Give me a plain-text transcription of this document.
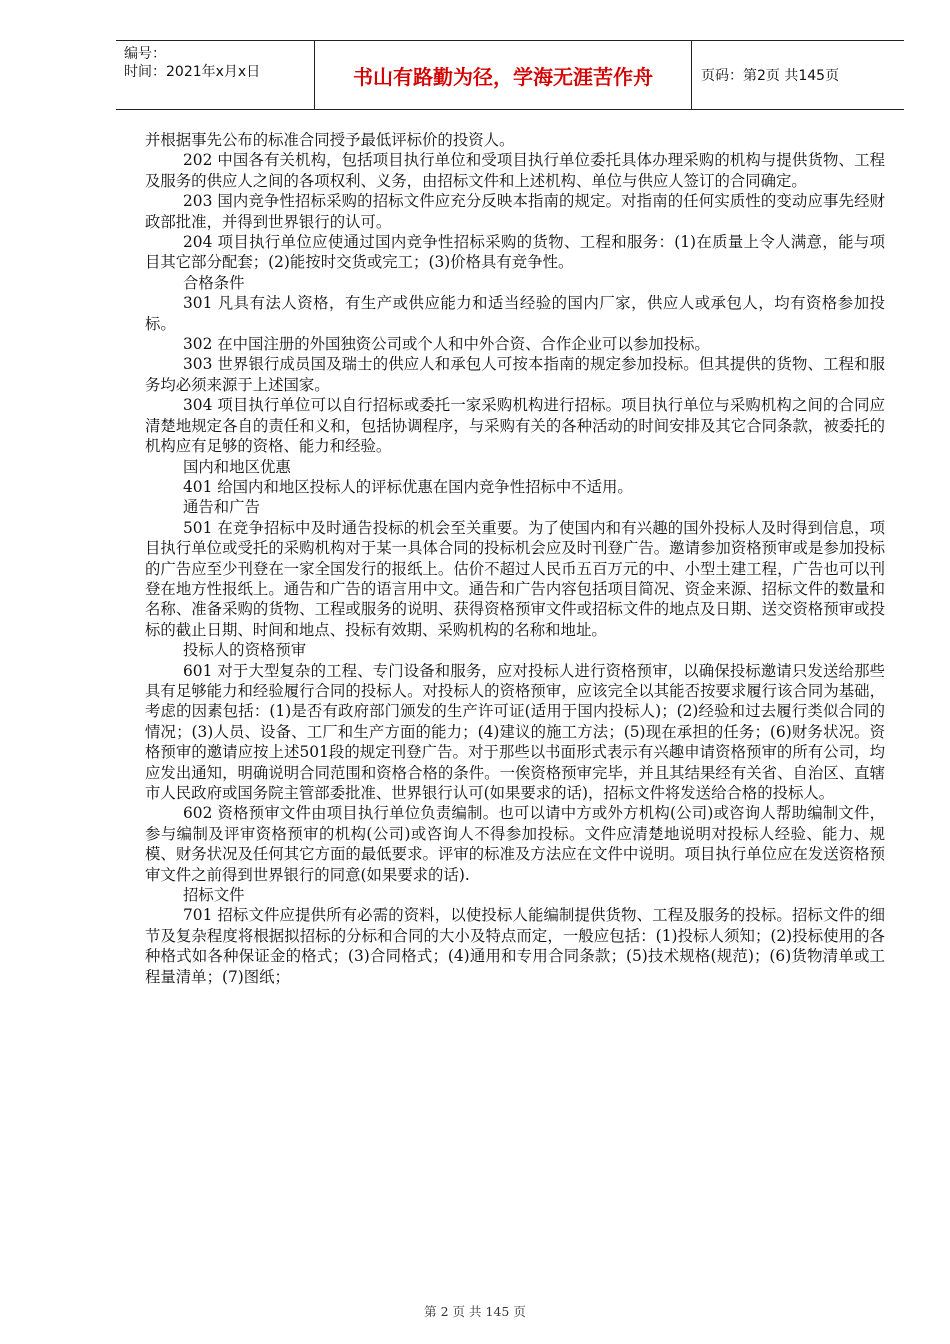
编号：
时间：2021年x月x日	书山有路勤为径，学海无涯苦作舟	页码：第2页 共145页

并根据事先公布的标准合同授予最低评标价的投资人。

202 中国各有关机构，包括项目执行单位和受项目执行单位委托具体办理采购的机构与提供货物、工程及服务的供应人之间的各项权利、义务，由招标文件和上述机构、单位与供应人签订的合同确定。

203 国内竞争性招标采购的招标文件应充分反映本指南的规定。对指南的任何实质性的变动应事先经财政部批准，并得到世界银行的认可。

204 项目执行单位应使通过国内竞争性招标采购的货物、工程和服务：(1)在质量上令人满意，能与项目其它部分配套；(2)能按时交货或完工；(3)价格具有竞争性。

合格条件

301 凡具有法人资格，有生产或供应能力和适当经验的国内厂家，供应人或承包人，均有资格参加投标。

302 在中国注册的外国独资公司或个人和中外合资、合作企业可以参加投标。

303 世界银行成员国及瑞士的供应人和承包人可按本指南的规定参加投标。但其提供的货物、工程和服务均必须来源于上述国家。

304 项目执行单位可以自行招标或委托一家采购机构进行招标。项目执行单位与采购机构之间的合同应清楚地规定各自的责任和义和，包括协调程序，与采购有关的各种活动的时间安排及其它合同条款，被委托的机构应有足够的资格、能力和经验。

国内和地区优惠

401 给国内和地区投标人的评标优惠在国内竞争性招标中不适用。

通告和广告

501 在竞争招标中及时通告投标的机会至关重要。为了使国内和有兴趣的国外投标人及时得到信息，项目执行单位或受托的采购机构对于某一具体合同的投标机会应及时刊登广告。邀请参加资格预审或是参加投标的广告应至少刊登在一家全国发行的报纸上。估价不超过人民币五百万元的中、小型土建工程，广告也可以刊登在地方性报纸上。通告和广告的语言用中文。通告和广告内容包括项目简况、资金来源、招标文件的数量和名称、准备采购的货物、工程或服务的说明、获得资格预审文件或招标文件的地点及日期、送交资格预审或投标的截止日期、时间和地点、投标有效期、采购机构的名称和地址。

投标人的资格预审

601 对于大型复杂的工程、专门设备和服务，应对投标人进行资格预审，以确保投标邀请只发送给那些具有足够能力和经验履行合同的投标人。对投标人的资格预审，应该完全以其能否按要求履行该合同为基础，考虑的因素包括：(1)是否有政府部门颁发的生产许可证(适用于国内投标人)；(2)经验和过去履行类似合同的情况；(3)人员、设备、工厂和生产方面的能力；(4)建议的施工方法；(5)现在承担的任务；(6)财务状况。资格预审的邀请应按上述501段的规定刊登广告。对于那些以书面形式表示有兴趣申请资格预审的所有公司，均应发出通知，明确说明合同范围和资格合格的条件。一俟资格预审完毕，并且其结果经有关省、自治区、直辖市人民政府或国务院主管部委批准、世界银行认可(如果要求的话)，招标文件将发送给合格的投标人。

602 资格预审文件由项目执行单位负责编制。也可以请中方或外方机构(公司)或咨询人帮助编制文件，参与编制及评审资格预审的机构(公司)或咨询人不得参加投标。文件应清楚地说明对投标人经验、能力、规模、财务状况及任何其它方面的最低要求。评审的标准及方法应在文件中说明。项目执行单位应在发送资格预审文件之前得到世界银行的同意(如果要求的话).

招标文件

701 招标文件应提供所有必需的资料，以使投标人能编制提供货物、工程及服务的投标。招标文件的细节及复杂程度将根据拟招标的分标和合同的大小及特点而定，一般应包括：(1)投标人须知；(2)投标使用的各种格式如各种保证金的格式；(3)合同格式；(4)通用和专用合同条款；(5)技术规格(规范)；(6)货物清单或工程量清单；(7)图纸；

第 2 页 共 145 页
